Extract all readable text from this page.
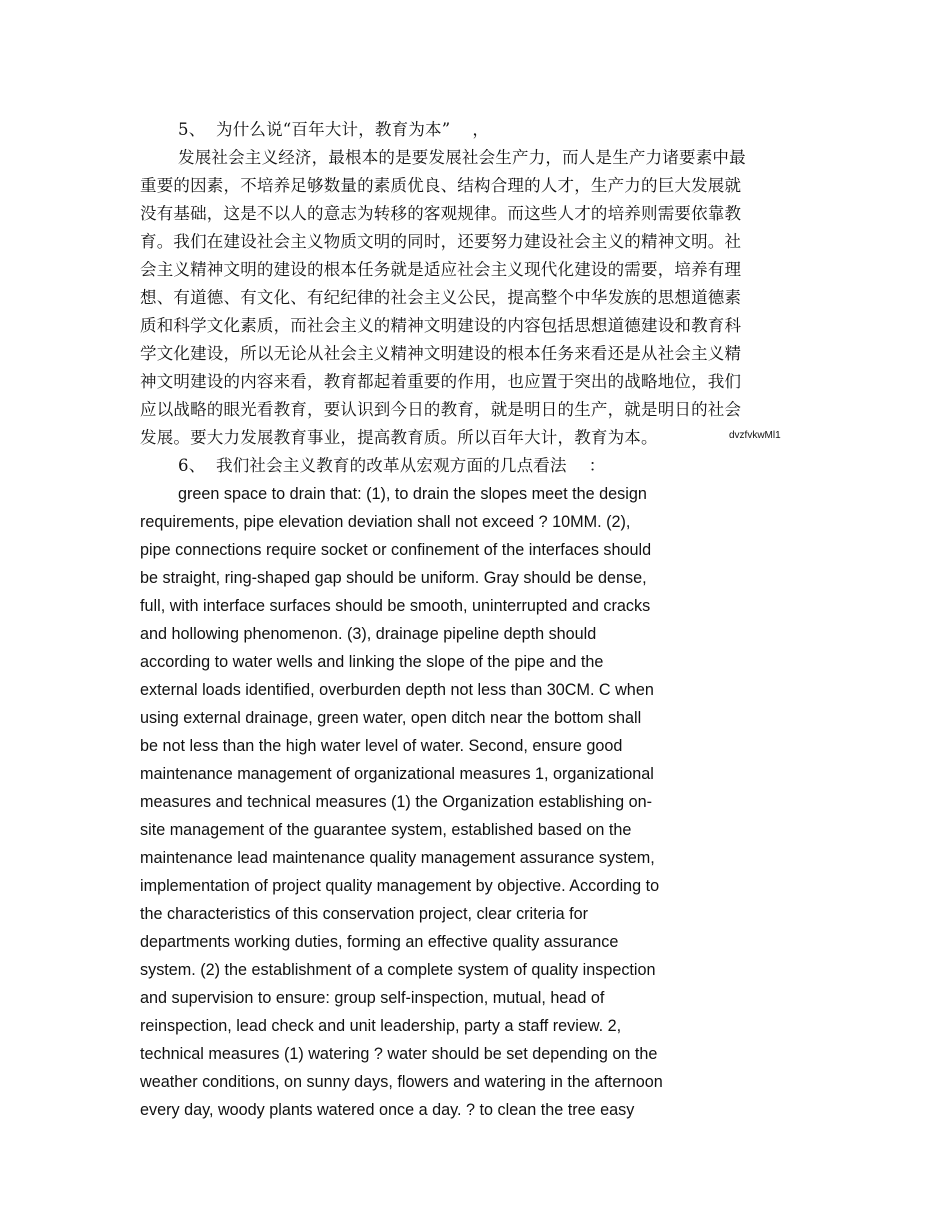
5、 为什么说“百年大计，教育为本” ，
发展社会主义经济，最根本的是要发展社会生产力，而人是生产力诸要素中最
重要的因素，不培养足够数量的素质优良、结构合理的人才，生产力的巨大发展就
没有基础，这是不以人的意志为转移的客观规律。而这些人才的培养则需要依靠教
育。我们在建设社会主义物质文明的同时，还要努力建设社会主义的精神文明。社
会主义精神文明的建设的根本任务就是适应社会主义现代化建设的需要，培养有理
想、有道德、有文化、有纪纪律的社会主义公民，提高整个中华发族的思想道德素
质和科学文化素质，而社会主义的精神文明建设的内容包括思想道德建设和教育科
学文化建设，所以无论从社会主义精神文明建设的根本任务来看还是从社会主义精
神文明建设的内容来看，教育都起着重要的作用，也应置于突出的战略地位，我们
应以战略的眼光看教育，要认识到今日的教育，就是明日的生产，就是明日的社会
发展。要大力发展教育事业，提高教育质。所以百年大计，教育为本。	dvzfvkwMl1
6、 我们社会主义教育的改革从宏观方面的几点看法 ：
green space to drain that: (1), to drain the slopes meet the design
requirements, pipe elevation deviation shall not exceed ? 10MM. (2),
pipe connections require socket or confinement of the interfaces should
be straight, ring-shaped gap should be uniform. Gray should be dense,
full, with interface surfaces should be smooth, uninterrupted and cracks
and hollowing phenomenon. (3), drainage pipeline depth should
according to water wells and linking the slope of the pipe and the
external loads identified, overburden depth not less than 30CM. C when
using external drainage, green water, open ditch near the bottom shall
be not less than the high water level of water. Second, ensure good
maintenance management of organizational measures 1, organizational
measures and technical measures (1) the Organization establishing on-
site management of the guarantee system, established based on the
maintenance lead maintenance quality management assurance system,
implementation of project quality management by objective. According to
the characteristics of this conservation project, clear criteria for
departments working duties, forming an effective quality assurance
system. (2) the establishment of a complete system of quality inspection
and supervision to ensure: group self-inspection, mutual, head of
reinspection, lead check and unit leadership, party a staff review. 2,
technical measures (1) watering ? water should be set depending on the
weather conditions, on sunny days, flowers and watering in the afternoon
every day, woody plants watered once a day. ? to clean the tree easy
